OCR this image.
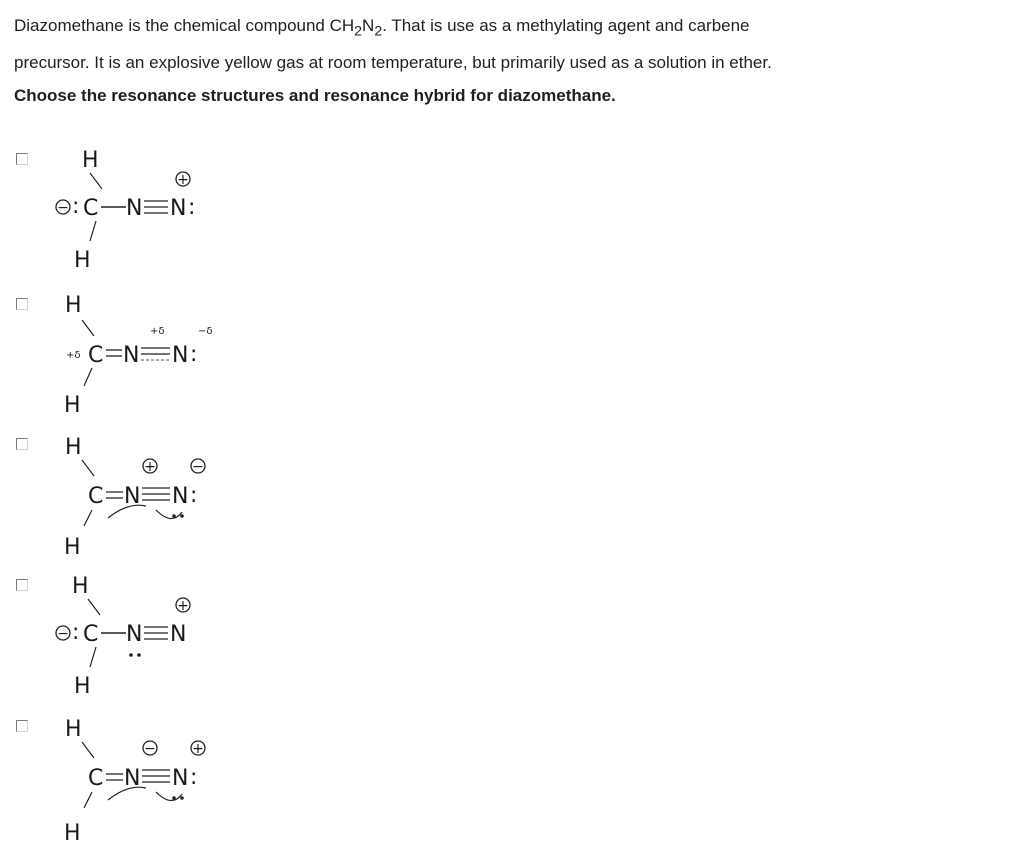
Diazomethane is the chemical compound $CH_2N_2$. That is use as a methylating agent and carbene

precursor. It is an explosive yellow gas at room temperature, but primarily used as a solution in ether.

Choose the resonance structures and resonance hybrid for diazomethane.

H
− : C N
+
N :
H
H
+δ C
+δ
N
−δ
N :
H
H
C
+
N
−
N :
H
H
− : C
+
N N
H
H
C
−
N
+
N :
H
